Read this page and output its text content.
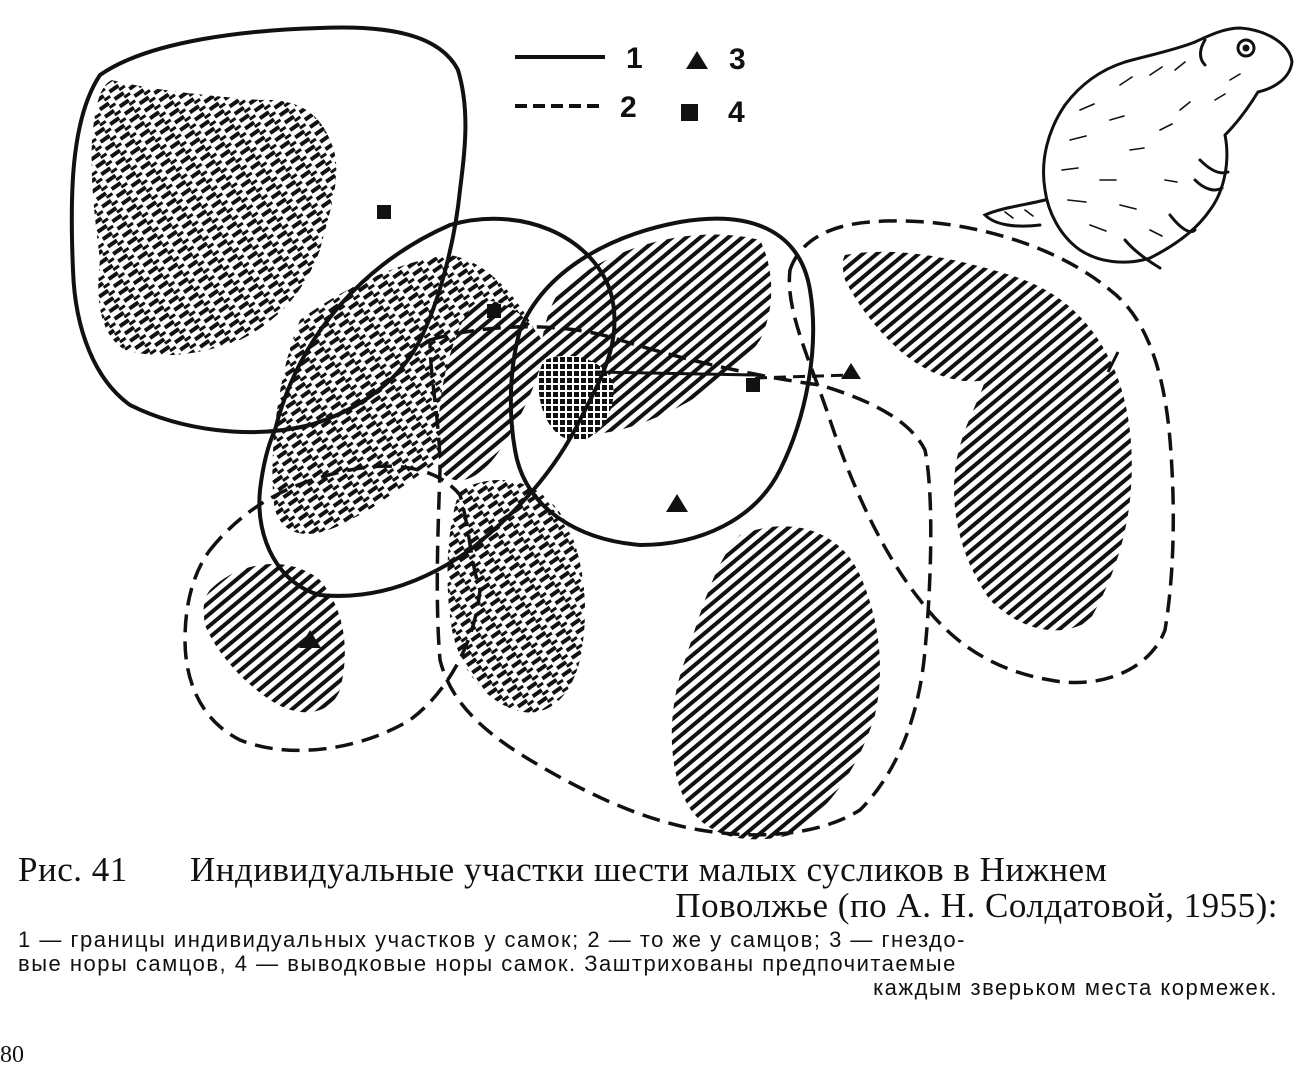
1	3
2	4
Рис. 41 Индивидуальные участки шести малых сусликов в Нижнем
Поволжье (по А. Н. Солдатовой, 1955):
1 — границы индивидуальных участков у самок; 2 — то же у самцов; 3 — гнездо-
вые норы самцов, 4 — выводковые норы самок. Заштрихованы предпочитаемые
каждым зверьком места кормежек.
80
